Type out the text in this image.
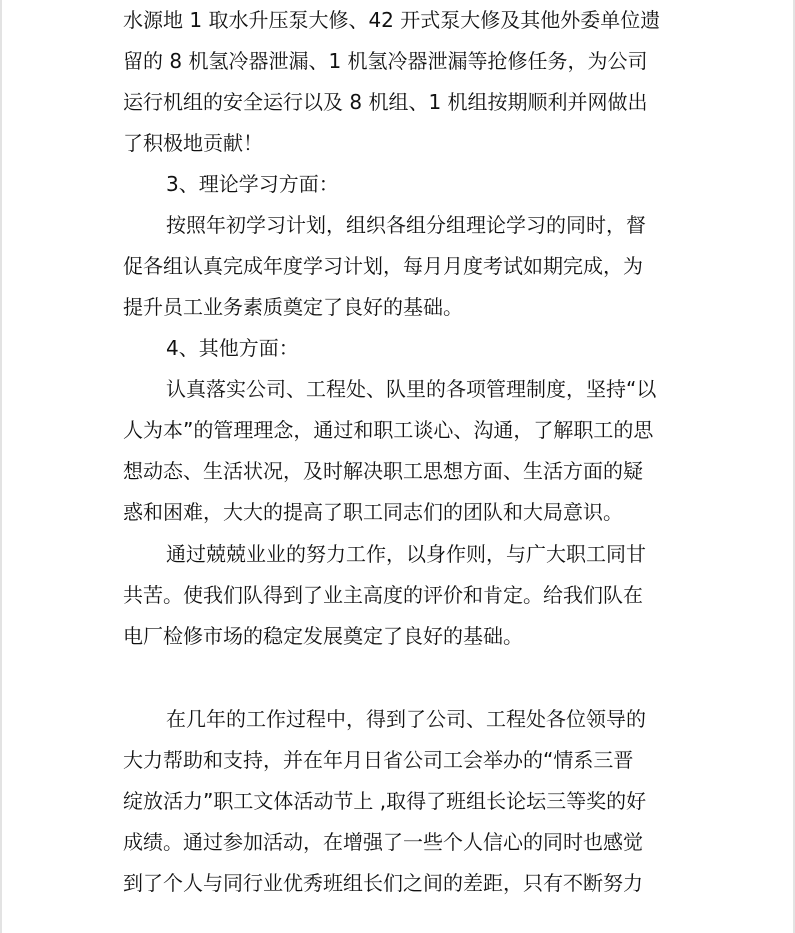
水源地 1 取水升压泵大修、42 开式泵大修及其他外委单位遗
留的 8 机氢冷器泄漏、1 机氢冷器泄漏等抢修任务，为公司
运行机组的安全运行以及 8 机组、1 机组按期顺利并网做出
了积极地贡献！
3、理论学习方面：
按照年初学习计划，组织各组分组理论学习的同时，督
促各组认真完成年度学习计划，每月月度考试如期完成，为
提升员工业务素质奠定了良好的基础。
4、其他方面：
认真落实公司、工程处、队里的各项管理制度，坚持“以
人为本”的管理理念，通过和职工谈心、沟通，了解职工的思
想动态、生活状况，及时解决职工思想方面、生活方面的疑
惑和困难，大大的提高了职工同志们的团队和大局意识。
通过兢兢业业的努力工作，以身作则，与广大职工同甘
共苦。使我们队得到了业主高度的评价和肯定。给我们队在
电厂检修市场的稳定发展奠定了良好的基础。
在几年的工作过程中，得到了公司、工程处各位领导的
大力帮助和支持，并在年月日省公司工会举办的“情系三晋
绽放活力”职工文体活动节上 ,取得了班组长论坛三等奖的好
成绩。通过参加活动，在增强了一些个人信心的同时也感觉
到了个人与同行业优秀班组长们之间的差距，只有不断努力
